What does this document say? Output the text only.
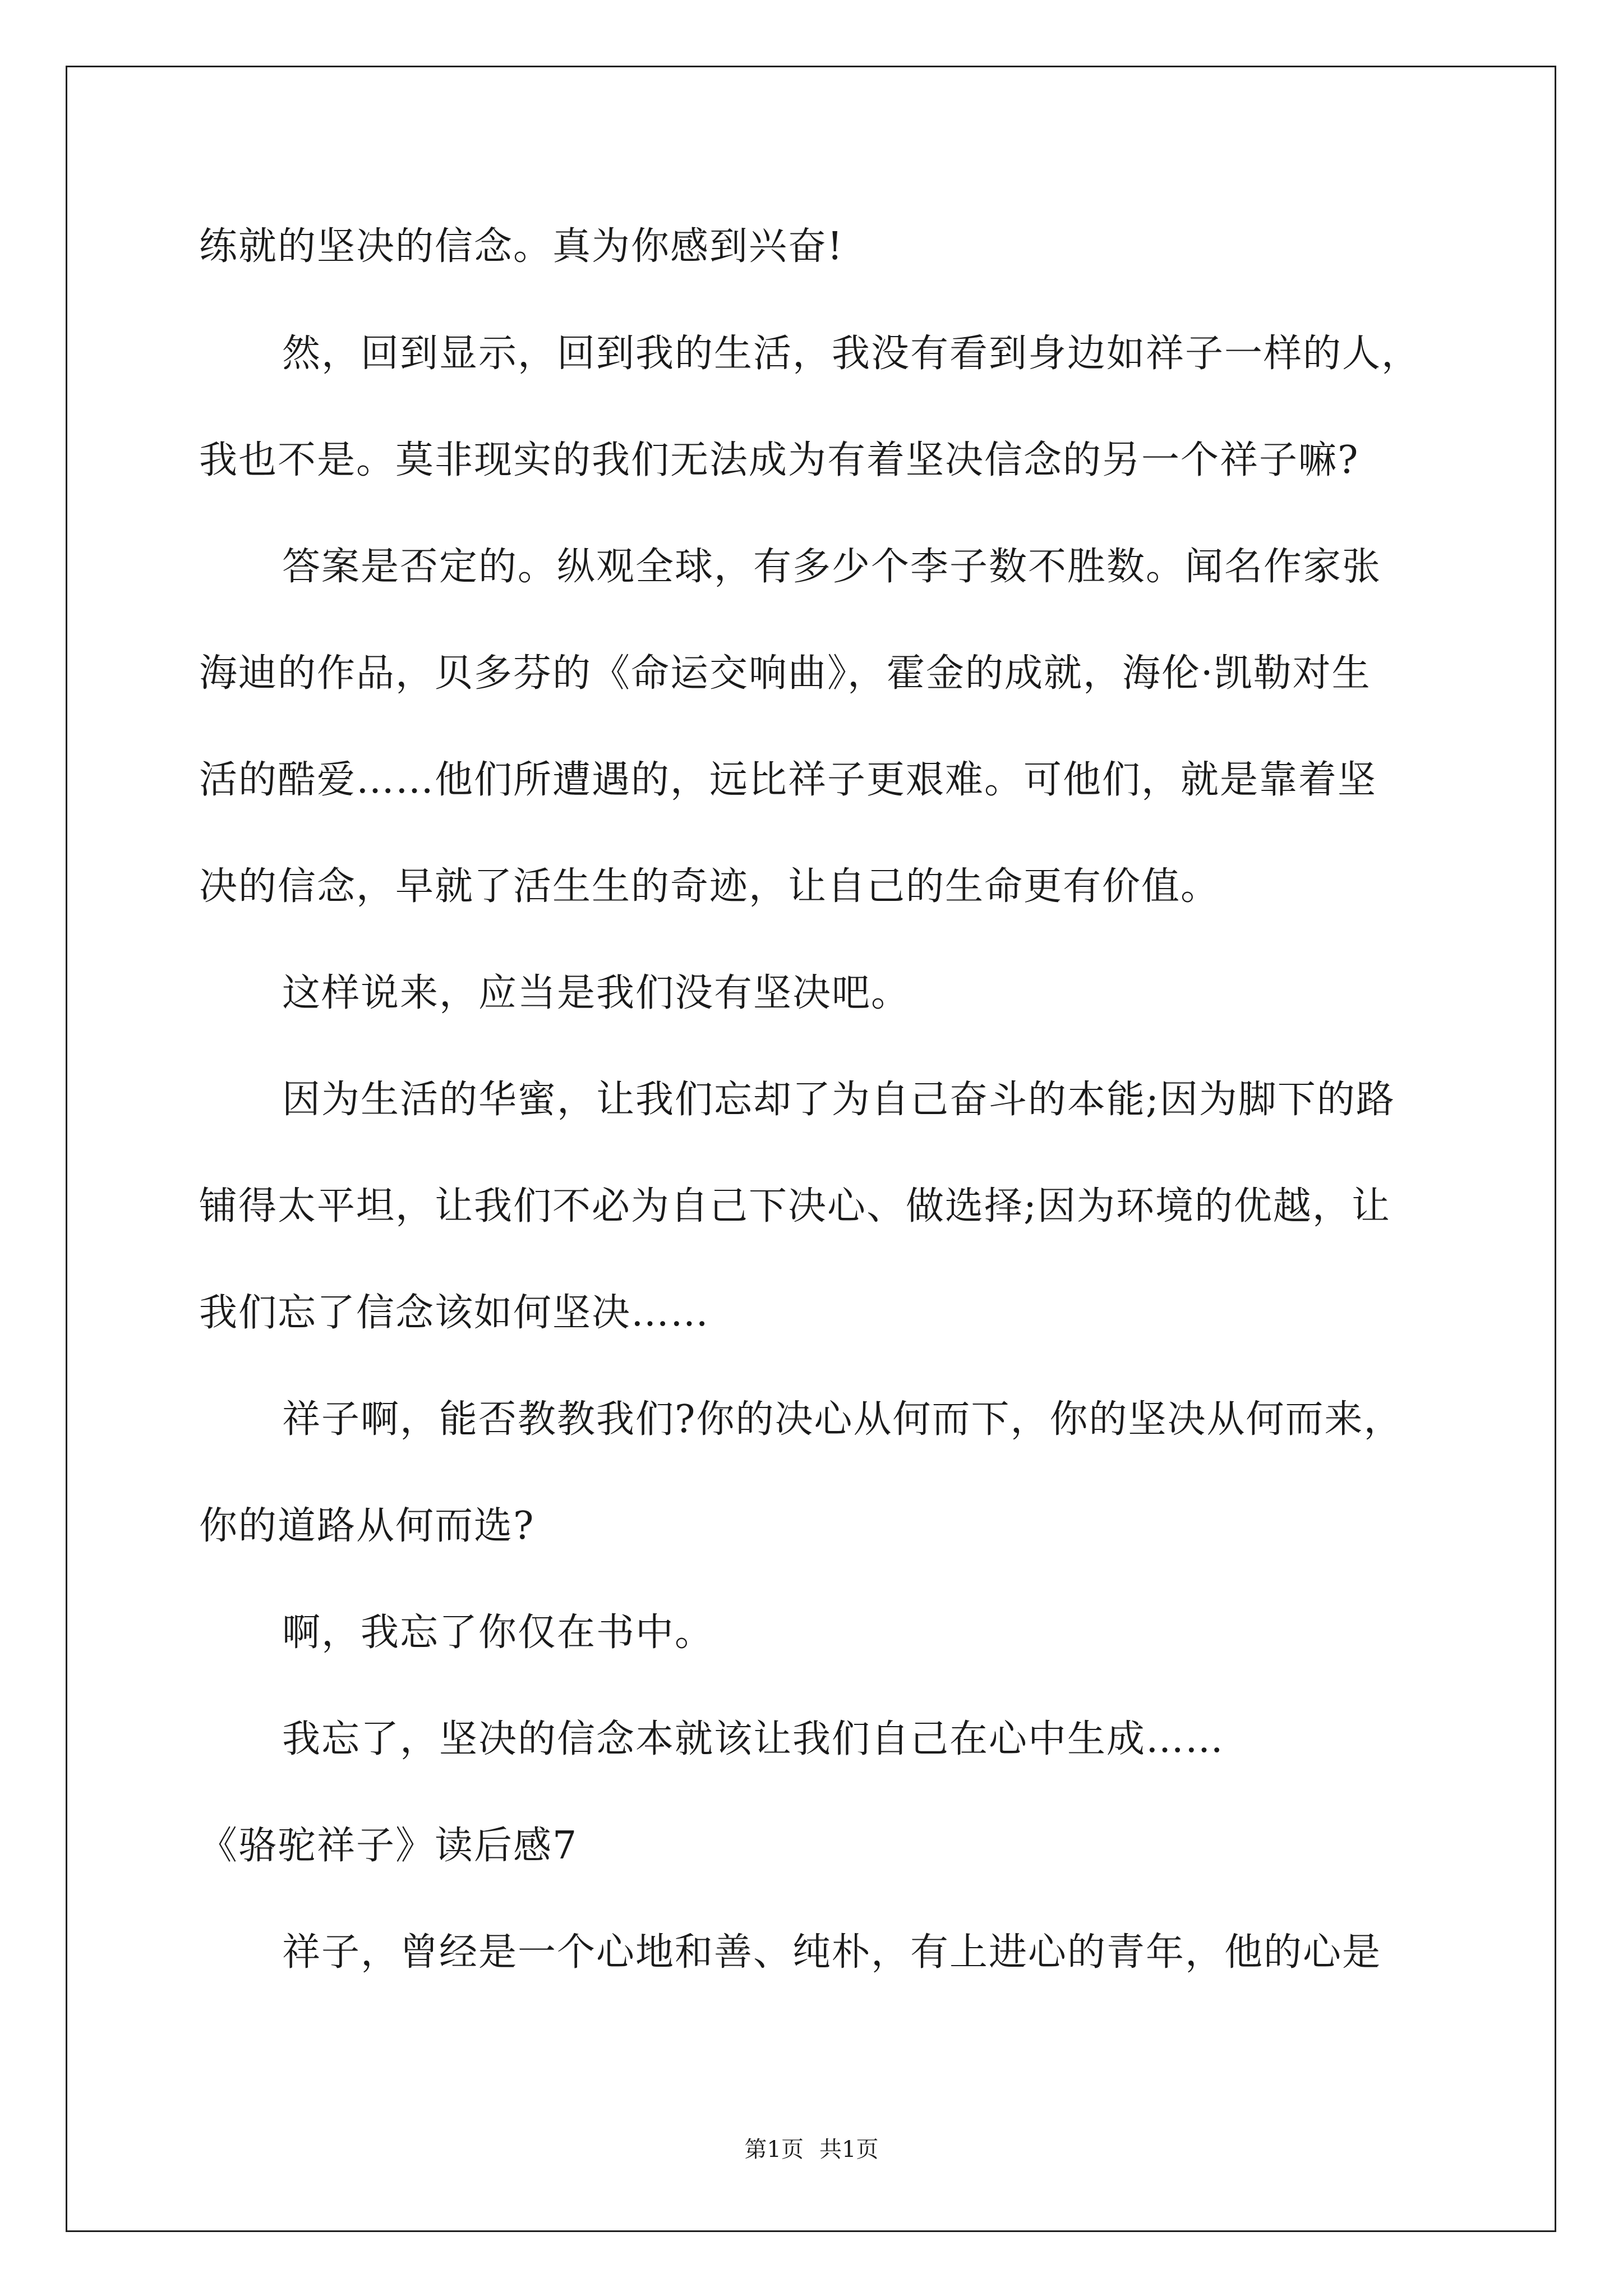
练就的坚决的信念。真为你感到兴奋!
然，回到显示，回到我的生活，我没有看到身边如祥子一样的人，
我也不是。莫非现实的我们无法成为有着坚决信念的另一个祥子嘛?
答案是否定的。纵观全球，有多少个李子数不胜数。闻名作家张
海迪的作品，贝多芬的《命运交响曲》，霍金的成就，海伦·凯勒对生
活的酷爱……他们所遭遇的，远比祥子更艰难。可他们，就是靠着坚
决的信念，早就了活生生的奇迹，让自己的生命更有价值。
这样说来，应当是我们没有坚决吧。
因为生活的华蜜，让我们忘却了为自己奋斗的本能;因为脚下的路
铺得太平坦，让我们不必为自己下决心、做选择;因为环境的优越，让
我们忘了信念该如何坚决……
祥子啊，能否教教我们?你的决心从何而下，你的坚决从何而来，
你的道路从何而选?
啊，我忘了你仅在书中。
我忘了，坚决的信念本就该让我们自己在心中生成……
《骆驼祥子》读后感7
祥子，曾经是一个心地和善、纯朴，有上进心的青年，他的心是
第1页 共1页
